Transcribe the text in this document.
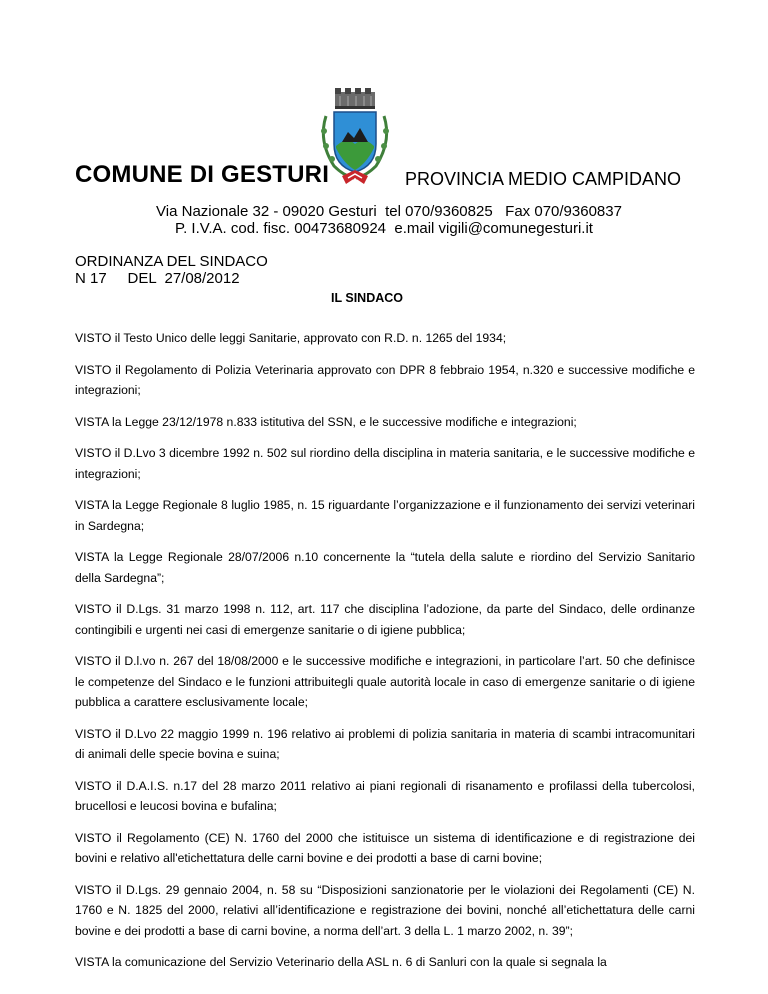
COMUNE DI GESTURI	PROVINCIA MEDIO CAMPIDANO
Via Nazionale 32 - 09020 Gesturi  tel 070/9360825   Fax 070/9360837
P. I.V.A. cod. fisc. 00473680924  e.mail vigili@comunegesturi.it
ORDINANZA DEL SINDACO
N 17     DEL  27/08/2012
IL SINDACO

VISTO il Testo Unico delle leggi Sanitarie, approvato con R.D. n. 1265 del 1934;

VISTO il Regolamento di Polizia Veterinaria approvato con DPR 8 febbraio 1954, n.320 e successive modifiche e integrazioni;

VISTA la Legge 23/12/1978 n.833 istitutiva del SSN, e le successive modifiche e integrazioni;

VISTO il D.Lvo 3 dicembre 1992 n. 502 sul riordino della disciplina in materia sanitaria, e le successive modifiche e integrazioni;

VISTA la Legge Regionale 8 luglio 1985, n. 15 riguardante l’organizzazione e il funzionamento dei servizi veterinari in Sardegna;

VISTA la Legge Regionale 28/07/2006 n.10 concernente la “tutela della salute e riordino del Servizio Sanitario della Sardegna”;

VISTO il D.Lgs. 31 marzo 1998 n. 112, art. 117 che disciplina l’adozione, da parte del Sindaco, delle ordinanze contingibili e urgenti nei casi di emergenze sanitarie o di igiene pubblica;

VISTO il D.l.vo n. 267 del 18/08/2000 e le successive modifiche e integrazioni, in particolare l’art. 50 che definisce le competenze del Sindaco e le funzioni attribuitegli quale autorità locale in caso di emergenze sanitarie o di igiene pubblica a carattere esclusivamente locale;

VISTO il D.Lvo 22 maggio 1999 n. 196 relativo ai problemi di polizia sanitaria in materia di scambi intracomunitari di animali delle specie bovina e suina;

VISTO il D.A.I.S. n.17 del 28 marzo 2011 relativo ai piani regionali di risanamento e profilassi della tubercolosi, brucellosi e leucosi bovina e bufalina;

VISTO il Regolamento (CE) N. 1760 del 2000 che istituisce un sistema di identificazione e di registrazione dei bovini e relativo all'etichettatura delle carni bovine e dei prodotti a base di carni bovine;

VISTO il D.Lgs. 29 gennaio 2004, n. 58 su “Disposizioni sanzionatorie per le violazioni dei Regolamenti (CE) N. 1760 e N. 1825 del 2000, relativi all’identificazione e registrazione dei bovini, nonché all’etichettatura delle carni bovine e dei prodotti a base di carni bovine, a norma dell’art. 3 della L. 1 marzo 2002, n. 39”;

VISTA la comunicazione del Servizio Veterinario della ASL n. 6 di Sanluri con la quale si segnala la
